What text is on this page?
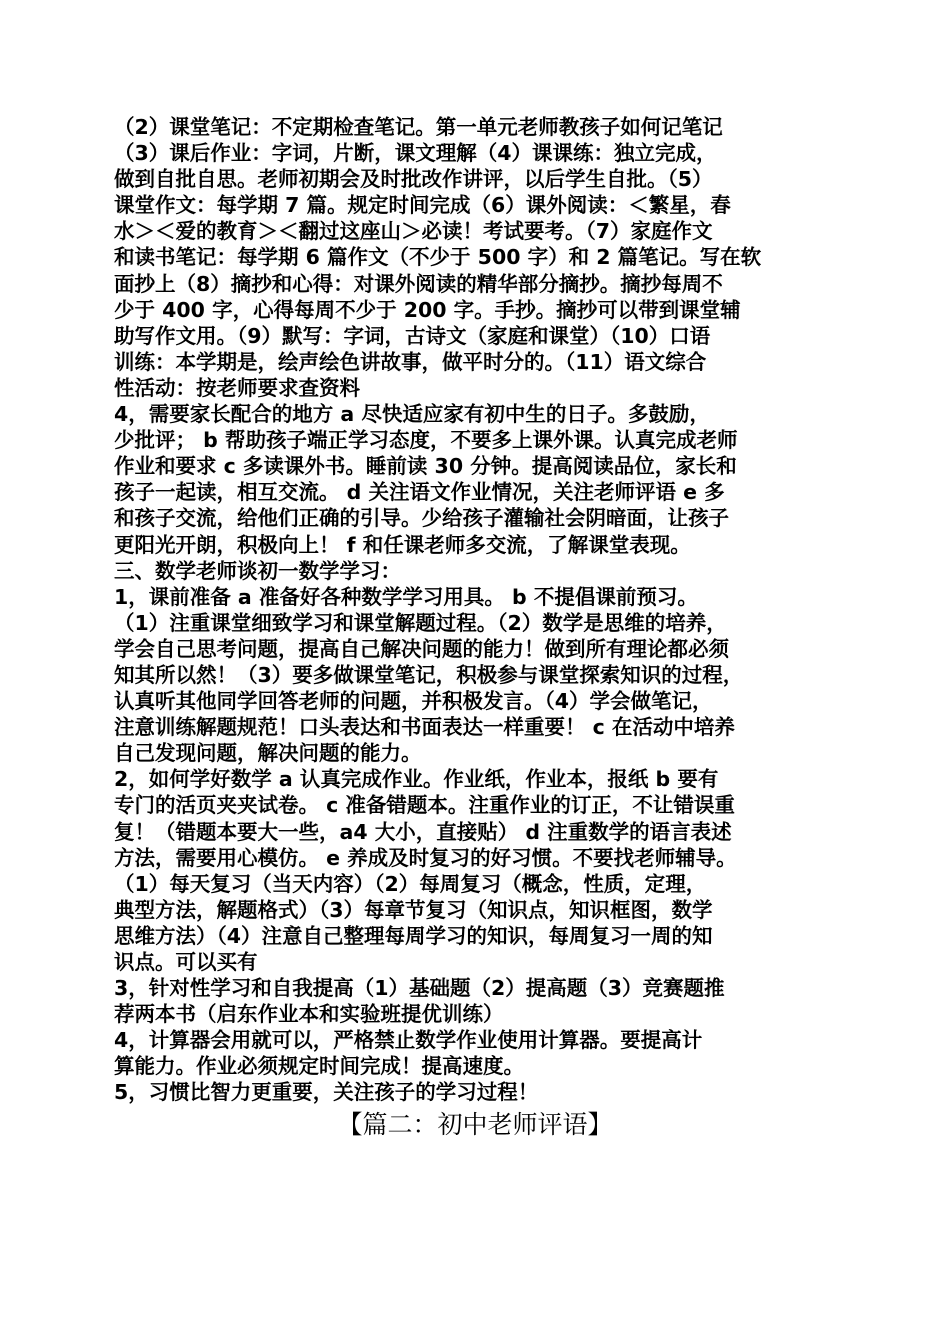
（2）课堂笔记：不定期检查笔记。第一单元老师教孩子如何记笔记
（3）课后作业：字词，片断，课文理解（4）课课练：独立完成，
做到自批自思。老师初期会及时批改作讲评，以后学生自批。（5）
课堂作文：每学期 7 篇。规定时间完成（6）课外阅读：＜繁星，春
水＞＜爱的教育＞＜翻过这座山＞必读！考试要考。（7）家庭作文
和读书笔记：每学期 6 篇作文（不少于 500 字）和 2 篇笔记。写在软
面抄上（8）摘抄和心得：对课外阅读的精华部分摘抄。摘抄每周不
少于 400 字，心得每周不少于 200 字。手抄。摘抄可以带到课堂辅
助写作文用。（9）默写：字词，古诗文（家庭和课堂）（10）口语
训练：本学期是，绘声绘色讲故事，做平时分的。（11）语文综合
性活动：按老师要求查资料
4，需要家长配合的地方 a 尽快适应家有初中生的日子。多鼓励，
少批评； b 帮助孩子端正学习态度，不要多上课外课。认真完成老师
作业和要求 c 多读课外书。睡前读 30 分钟。提高阅读品位，家长和
孩子一起读，相互交流。 d 关注语文作业情况，关注老师评语 e 多
和孩子交流，给他们正确的引导。少给孩子灌输社会阴暗面，让孩子
更阳光开朗，积极向上！ f 和任课老师多交流，了解课堂表现。
三、数学老师谈初一数学学习：
1，课前准备 a 准备好各种数学学习用具。 b 不提倡课前预习。
（1）注重课堂细致学习和课堂解题过程。（2）数学是思维的培养，
学会自己思考问题，提高自己解决问题的能力！做到所有理论都必须
知其所以然！（3）要多做课堂笔记，积极参与课堂探索知识的过程，
认真听其他同学回答老师的问题，并积极发言。（4）学会做笔记，
注意训练解题规范！口头表达和书面表达一样重要！ c 在活动中培养
自己发现问题，解决问题的能力。
2，如何学好数学 a 认真完成作业。作业纸，作业本，报纸 b 要有
专门的活页夹夹试卷。 c 准备错题本。注重作业的订正，不让错误重
复！（错题本要大一些，a4 大小，直接贴） d 注重数学的语言表述
方法，需要用心模仿。 e 养成及时复习的好习惯。不要找老师辅导。
（1）每天复习（当天内容）（2）每周复习（概念，性质，定理，
典型方法，解题格式）（3）每章节复习（知识点，知识框图，数学
思维方法）（4）注意自己整理每周学习的知识，每周复习一周的知
识点。可以买有
3，针对性学习和自我提高（1）基础题（2）提高题（3）竞赛题推
荐两本书（启东作业本和实验班提优训练）
4，计算器会用就可以，严格禁止数学作业使用计算器。要提高计
算能力。作业必须规定时间完成！提高速度。
5，习惯比智力更重要，关注孩子的学习过程！
【篇二：初中老师评语】
